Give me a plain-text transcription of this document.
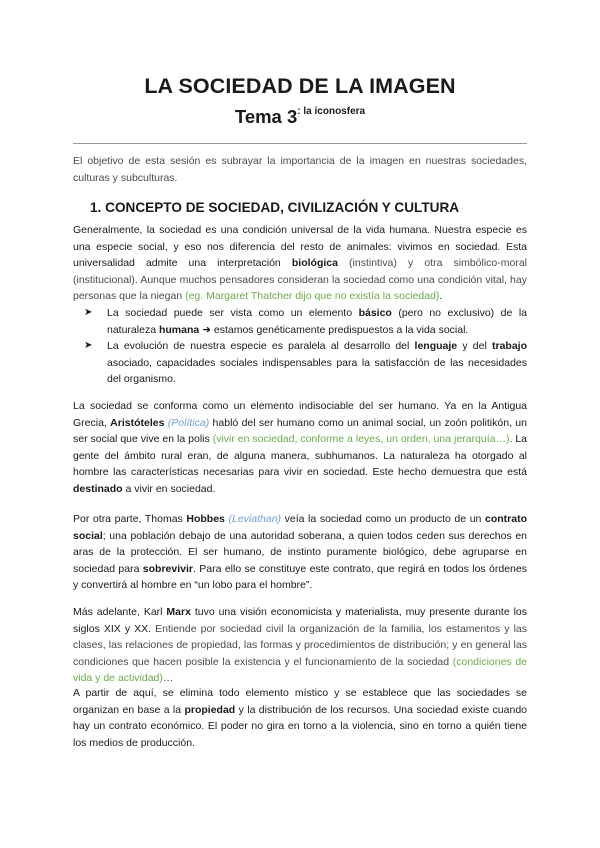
LA SOCIEDAD DE LA IMAGEN
Tema $3^{: la iconosfera}$

El objetivo de esta sesión es subrayar la importancia de la imagen en nuestras sociedades, culturas y subculturas.

1. CONCEPTO DE SOCIEDAD, CIVILIZACIÓN Y CULTURA

Generalmente, la sociedad es una condición universal de la vida humana. Nuestra especie es una especie social, y eso nos diferencia del resto de animales: vivimos en sociedad. Esta universalidad admite una interpretación biológica (instintiva) y otra simbólico-moral (institucional). Aunque muchos pensadores consideran la sociedad como una condición vital, hay personas que la niegan (eg. Margaret Thatcher dijo que no existía la sociedad).

➤ La sociedad puede ser vista como un elemento básico (pero no exclusivo) de la naturaleza humana ➜ estamos genéticamente predispuestos a la vida social.
➤ La evolución de nuestra especie es paralela al desarrollo del lenguaje y del trabajo asociado, capacidades sociales indispensables para la satisfacción de las necesidades del organismo.

La sociedad se conforma como un elemento indisociable del ser humano. Ya en la Antigua Grecia, Aristóteles (Política) habló del ser humano como un animal social, un zoón politikón, un ser social que vive en la polis (vivir en sociedad, conforme a leyes, un orden, una jerarquía…). La gente del ámbito rural eran, de alguna manera, subhumanos. La naturaleza ha otorgado al hombre las características necesarias para vivir en sociedad. Este hecho demuestra que está destinado a vivir en sociedad.

Por otra parte, Thomas Hobbes (Leviathan) veía la sociedad como un producto de un contrato social; una población debajo de una autoridad soberana, a quien todos ceden sus derechos en aras de la protección. El ser humano, de instinto puramente biológico, debe agruparse en sociedad para sobrevivir. Para ello se constituye este contrato, que regirá en todos los órdenes y convertirá al hombre en “un lobo para el hombre”.

Más adelante, Karl Marx tuvo una visión economicista y materialista, muy presente durante los siglos XIX y XX. Entiende por sociedad civil la organización de la familia, los estamentos y las clases, las relaciones de propiedad, las formas y procedimientos de distribución; y en general las condiciones que hacen posible la existencia y el funcionamiento de la sociedad (condiciones de vida y de actividad)…

A partir de aquí, se elimina todo elemento místico y se establece que las sociedades se organizan en base a la propiedad y la distribución de los recursos. Una sociedad existe cuando hay un contrato económico. El poder no gira en torno a la violencia, sino en torno a quién tiene los medios de producción.
